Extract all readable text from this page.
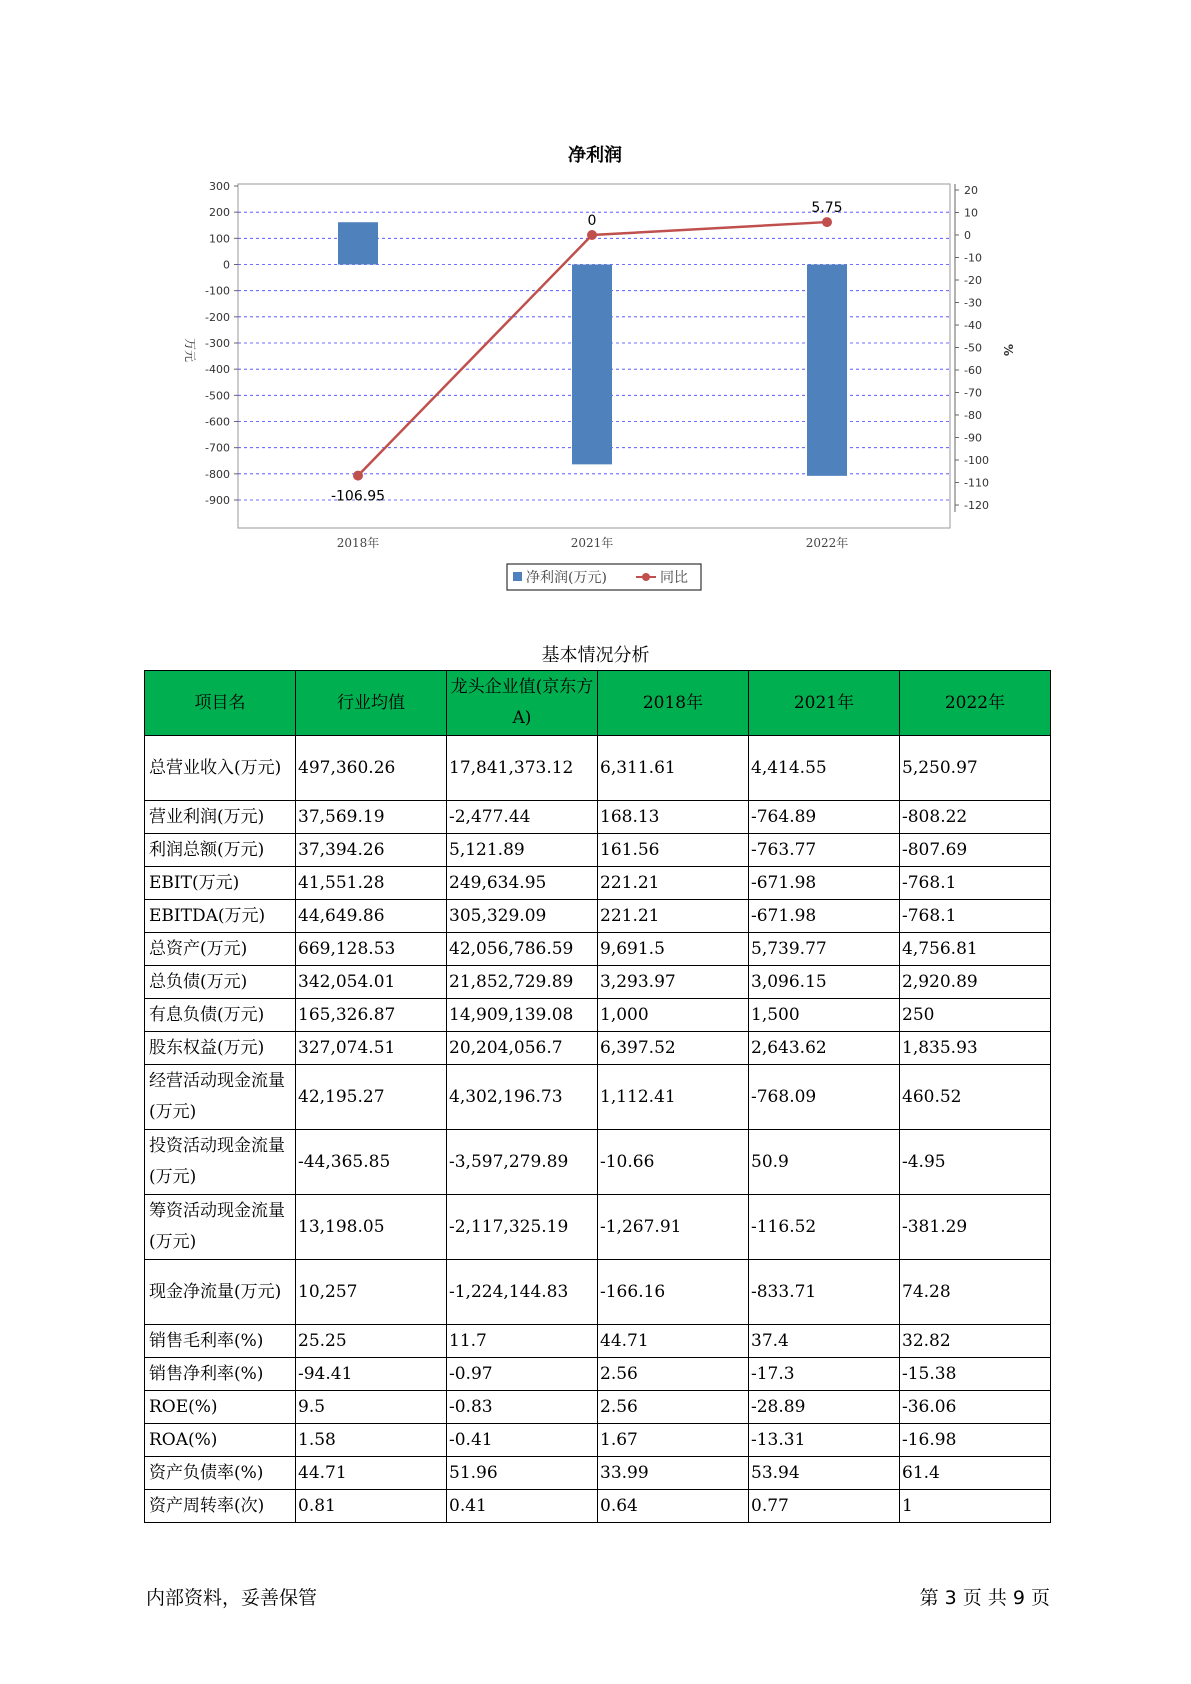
净利润
300
200
100
0
-100
-200
-300
-400
-500
-600
-700
-800
-900
20
10
0
-10
-20
-30
-40
-50
-60
-70
-80
-90
-100
-110
-120
万元	%
2018年	2021年	2022年
-106.95
0
5.75
净利润(万元)	同比
基本情况分析
项目名	行业均值	龙头企业值(京东方A)	2018年	2021年	2022年
总营业收入(万元)	497,360.26	17,841,373.12	6,311.61	4,414.55	5,250.97
营业利润(万元)	37,569.19	-2,477.44	168.13	-764.89	-808.22
利润总额(万元)	37,394.26	5,121.89	161.56	-763.77	-807.69
EBIT(万元)	41,551.28	249,634.95	221.21	-671.98	-768.1
EBITDA(万元)	44,649.86	305,329.09	221.21	-671.98	-768.1
总资产(万元)	669,128.53	42,056,786.59	9,691.5	5,739.77	4,756.81
总负债(万元)	342,054.01	21,852,729.89	3,293.97	3,096.15	2,920.89
有息负债(万元)	165,326.87	14,909,139.08	1,000	1,500	250
股东权益(万元)	327,074.51	20,204,056.7	6,397.52	2,643.62	1,835.93
经营活动现金流量(万元)	42,195.27	4,302,196.73	1,112.41	-768.09	460.52
投资活动现金流量(万元)	-44,365.85	-3,597,279.89	-10.66	50.9	-4.95
筹资活动现金流量(万元)	13,198.05	-2,117,325.19	-1,267.91	-116.52	-381.29
现金净流量(万元)	10,257	-1,224,144.83	-166.16	-833.71	74.28
销售毛利率(%)	25.25	11.7	44.71	37.4	32.82
销售净利率(%)	-94.41	-0.97	2.56	-17.3	-15.38
ROE(%)	9.5	-0.83	2.56	-28.89	-36.06
ROA(%)	1.58	-0.41	1.67	-13.31	-16.98
资产负债率(%)	44.71	51.96	33.99	53.94	61.4
资产周转率(次)	0.81	0.41	0.64	0.77	1
内部资料，妥善保管	第 3 页 共 9 页
